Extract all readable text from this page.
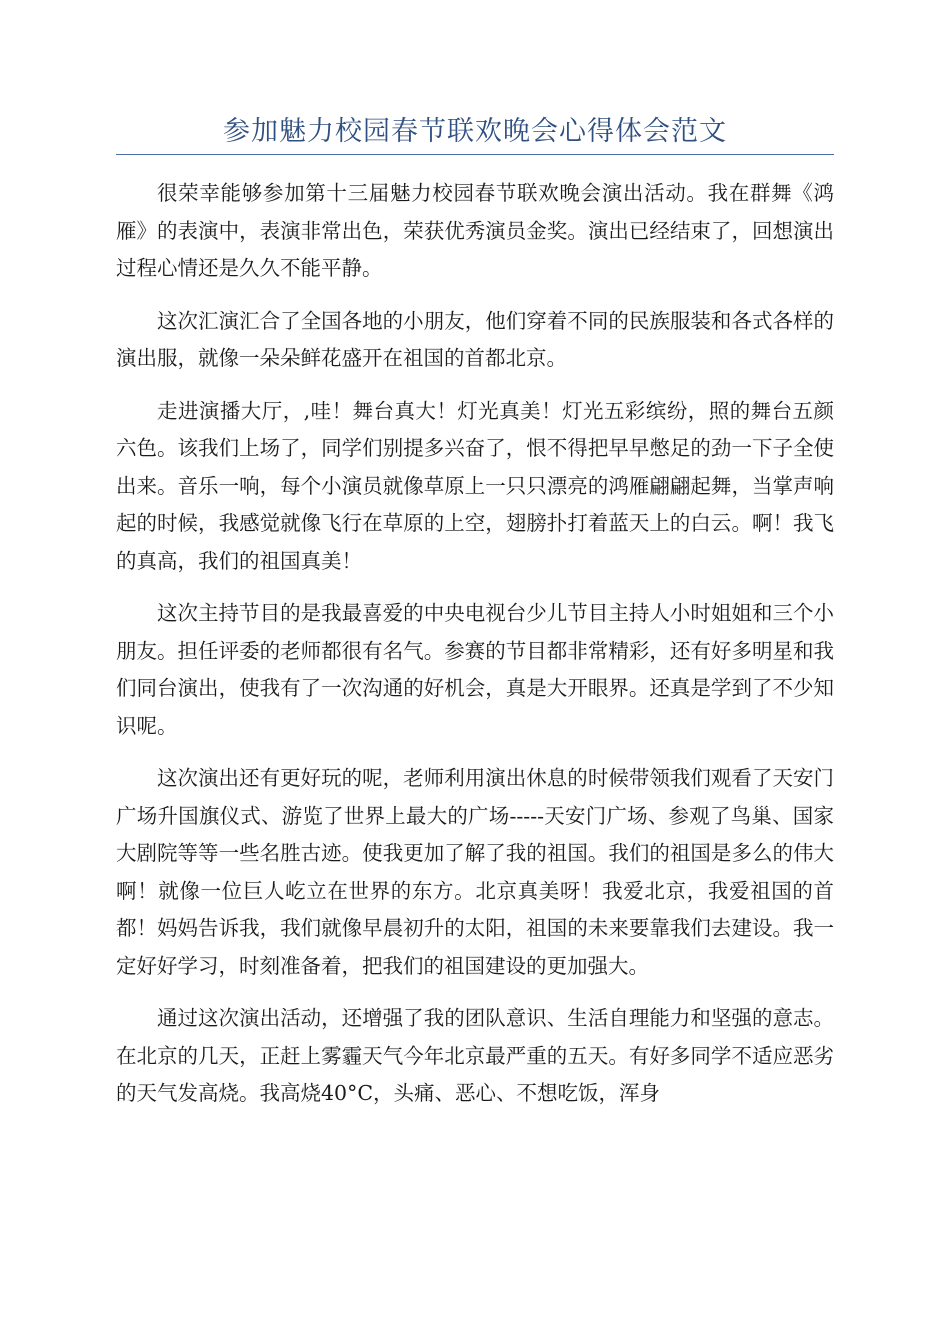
参加魅力校园春节联欢晚会心得体会范文

很荣幸能够参加第十三届魅力校园春节联欢晚会演出活动。我在群舞《鸿雁》的表演中，表演非常出色，荣获优秀演员金奖。演出已经结束了，回想演出过程心情还是久久不能平静。

这次汇演汇合了全国各地的小朋友，他们穿着不同的民族服装和各式各样的演出服，就像一朵朵鲜花盛开在祖国的首都北京。

走进演播大厅，,哇！舞台真大！灯光真美！灯光五彩缤纷，照的舞台五颜六色。该我们上场了，同学们别提多兴奋了，恨不得把早早憋足的劲一下子全使出来。音乐一响，每个小演员就像草原上一只只漂亮的鸿雁翩翩起舞，当掌声响起的时候，我感觉就像飞行在草原的上空，翅膀扑打着蓝天上的白云。啊！我飞的真高，我们的祖国真美！

这次主持节目的是我最喜爱的中央电视台少儿节目主持人小时姐姐和三个小朋友。担任评委的老师都很有名气。参赛的节目都非常精彩，还有好多明星和我们同台演出，使我有了一次沟通的好机会，真是大开眼界。还真是学到了不少知识呢。

这次演出还有更好玩的呢，老师利用演出休息的时候带领我们观看了天安门广场升国旗仪式、游览了世界上最大的广场-----天安门广场、参观了鸟巢、国家大剧院等等一些名胜古迹。使我更加了解了我的祖国。我们的祖国是多么的伟大啊！就像一位巨人屹立在世界的东方。北京真美呀！我爱北京，我爱祖国的首都！妈妈告诉我，我们就像早晨初升的太阳，祖国的未来要靠我们去建设。我一定好好学习，时刻准备着，把我们的祖国建设的更加强大。

通过这次演出活动，还增强了我的团队意识、生活自理能力和坚强的意志。在北京的几天，正赶上雾霾天气今年北京最严重的五天。有好多同学不适应恶劣的天气发高烧。我高烧40°C，头痛、恶心、不想吃饭，浑身
